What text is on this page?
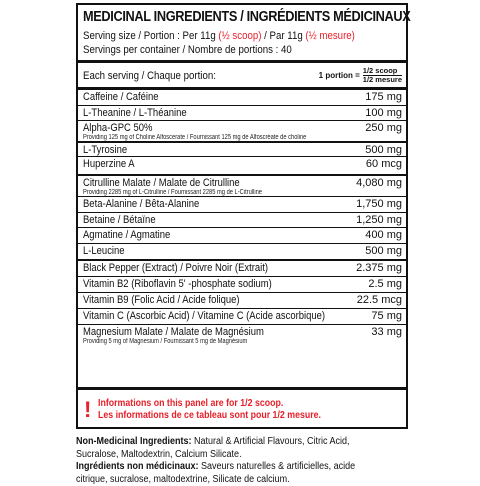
MEDICINAL INGREDIENTS / INGRÉDIENTS MÉDICINAUX
Serving size / Portion : Per 11g (½ scoop) / Par 11g (½ mesure)
Servings per container / Nombre de portions : 40
Each serving / Chaque portion:	1 portion = $\frac{\text{1/2 scoop}}{\text{1/2 mesure}}$
Caffeine / Caféine	175 mg
L-Theanine / L-Théanine	100 mg
Alpha-GPC 50%	250 mg
Providing 125 mg of Choline Alfoscerate / Fournissant 125 mg de Alfoscréate de choline
L-Tyrosine	500 mg
Huperzine A	60 mcg
Citrulline Malate / Malate de Citrulline	4,080 mg
Providing 2285 mg of L-Citrulline / Fournissant 2285 mg de L-Citrulline
Beta-Alanine / Bêta-Alanine	1,750 mg
Betaine / Bétaïne	1,250 mg
Agmatine / Agmatine	400 mg
L-Leucine	500 mg
Black Pepper (Extract) / Poivre Noir (Extrait)	2.375 mg
Vitamin B2 (Riboflavin 5' -phosphate sodium)	2.5 mg
Vitamin B9 (Folic Acid / Acide folique)	22.5 mcg
Vitamin C (Ascorbic Acid) / Vitamine C (Acide ascorbique)	75 mg
Magnesium Malate / Malate de Magnésium	33 mg
Providing 5 mg of Magnesium / Fournissant 5 mg de Magnésium
! Informations on this panel are for 1/2 scoop.
Les informations de ce tableau sont pour 1/2 mesure.
Non-Medicinal Ingredients: Natural & Artificial Flavours, Citric Acid, Sucralose, Maltodextrin, Calcium Silicate.
Ingrédients non médicinaux: Saveurs naturelles & artificielles, acide citrique, sucralose, maltodextrine, Silicate de calcium.
